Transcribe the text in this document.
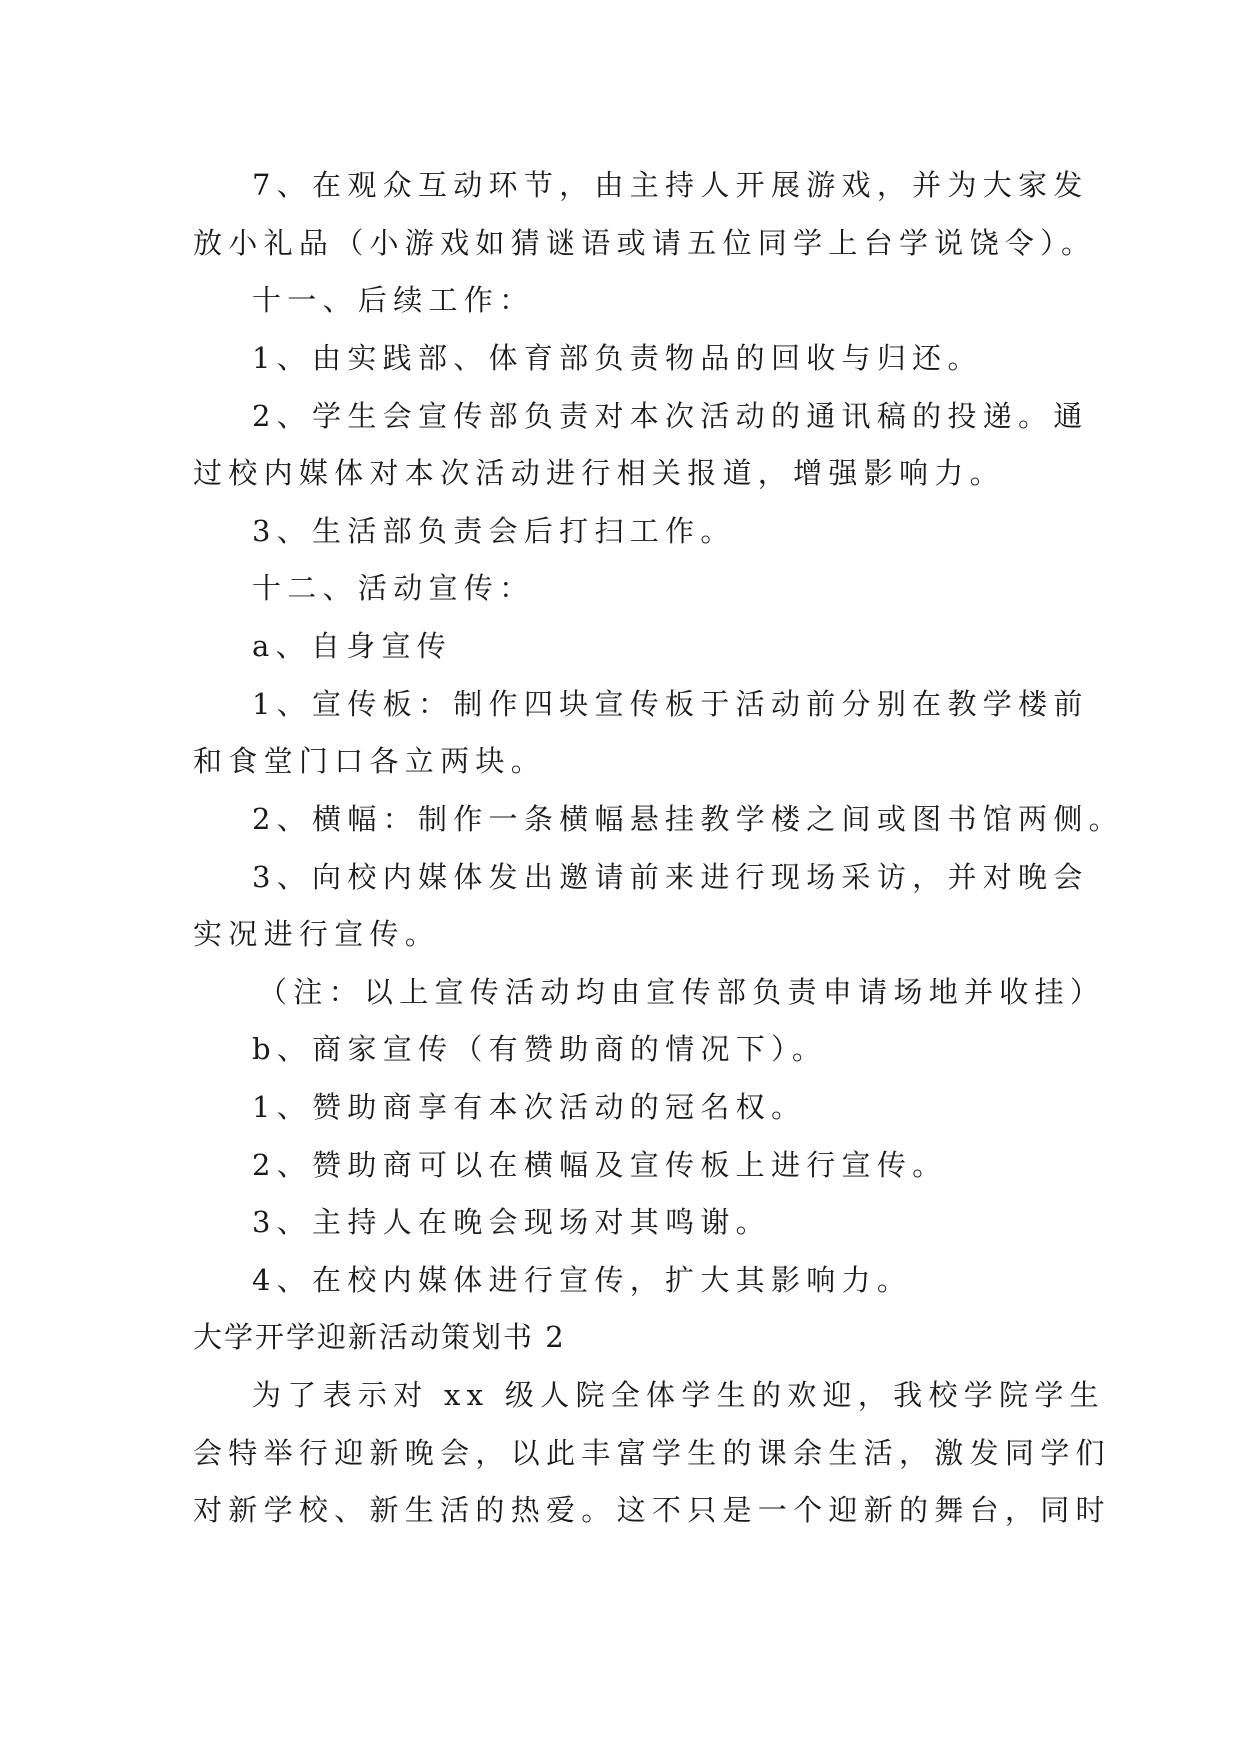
7、在观众互动环节，由主持人开展游戏，并为大家发
放小礼品（小游戏如猜谜语或请五位同学上台学说饶令）。
十一、后续工作：
1、由实践部、体育部负责物品的回收与归还。
2、学生会宣传部负责对本次活动的通讯稿的投递。通
过校内媒体对本次活动进行相关报道，增强影响力。
3、生活部负责会后打扫工作。
十二、活动宣传：
a、自身宣传
1、宣传板：制作四块宣传板于活动前分别在教学楼前
和食堂门口各立两块。
2、横幅：制作一条横幅悬挂教学楼之间或图书馆两侧。
3、向校内媒体发出邀请前来进行现场采访，并对晚会
实况进行宣传。
（注：以上宣传活动均由宣传部负责申请场地并收挂）
b、商家宣传（有赞助商的情况下）。
1、赞助商享有本次活动的冠名权。
2、赞助商可以在横幅及宣传板上进行宣传。
3、主持人在晚会现场对其鸣谢。
4、在校内媒体进行宣传，扩大其影响力。
大学开学迎新活动策划书 2
为了表示对 xx 级人院全体学生的欢迎，我校学院学生
会特举行迎新晚会，以此丰富学生的课余生活，激发同学们
对新学校、新生活的热爱。这不只是一个迎新的舞台，同时
